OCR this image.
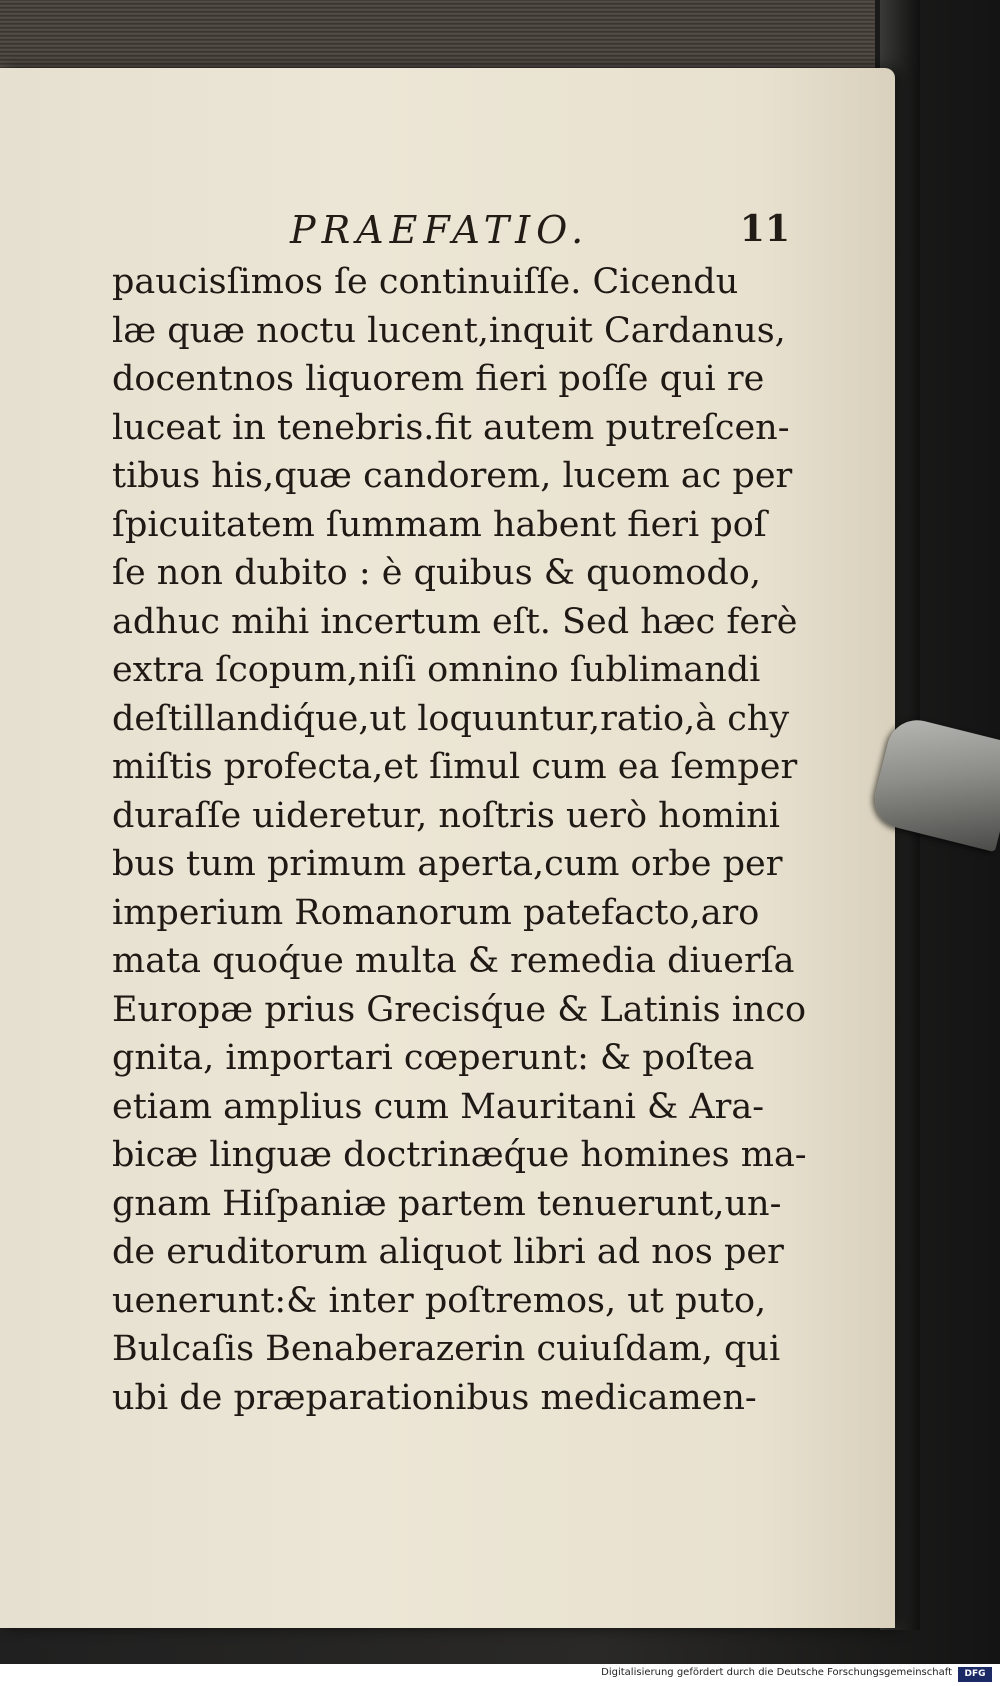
PRAEFATIO.	11
paucisſimos ſe continuiſſe. Cicendu
læ quæ noctu lucent,inquit Cardanus,
docentnos liquorem fieri poſſe qui re
luceat in tenebris.fit autem putreſcen-
tibus his,quæ candorem, lucem ac per
ſpicuitatem ſummam habent fieri poſ
ſe non dubito : è quibus & quomodo,
adhuc mihi incertum eſt. Sed hæc ferè
extra ſcopum,niſi omnino ſublimandi
deſtillandiq́ue,ut loquuntur,ratio,à chy
miſtis profecta,et ſimul cum ea ſemper
duraſſe uideretur, noſtris uerò homini
bus tum primum aperta,cum orbe per
imperium Romanorum patefacto,aro
mata quoq́ue multa & remedia diuerſa
Europæ prius Grecisq́ue & Latinis inco
gnita, importari cœperunt: & poſtea
etiam amplius cum Mauritani & Ara-
bicæ linguæ doctrinæq́ue homines ma-
gnam Hiſpaniæ partem tenuerunt,un-
de eruditorum aliquot libri ad nos per
uenerunt:& inter poſtremos, ut puto,
Bulcaſis Benaberazerin cuiuſdam, qui
ubi de præparationibus medicamen-
Digitalisierung gefördert durch die Deutsche Forschungsgemeinschaft	DFG
